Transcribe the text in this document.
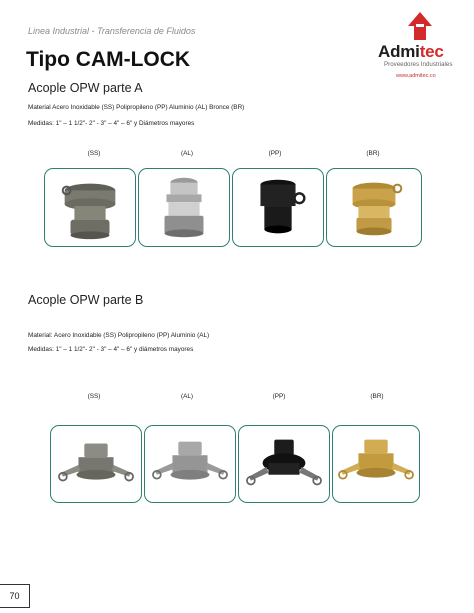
Linea Industrial - Transferencia de Fluidos
Tipo CAM-LOCK	Admitec
Proveedores Industriales
www.admitec.co
Acople OPW parte A
Material Acero Inoxidable (SS) Polipropileno (PP) Aluminio (AL) Bronce (BR)
Medidas: 1" – 1 1/2"- 2" - 3" – 4" – 6" y Diámetros mayores
(SS)	(AL)	(PP)	(BR)
Acople OPW parte B
Material: Acero Inoxidable (SS) Polipropileno (PP) Aluminio (AL)
Medidas: 1" – 1 1/2"- 2" - 3" – 4" – 6" y diámetros mayores
(SS)	(AL)	(PP)	(BR)
70
